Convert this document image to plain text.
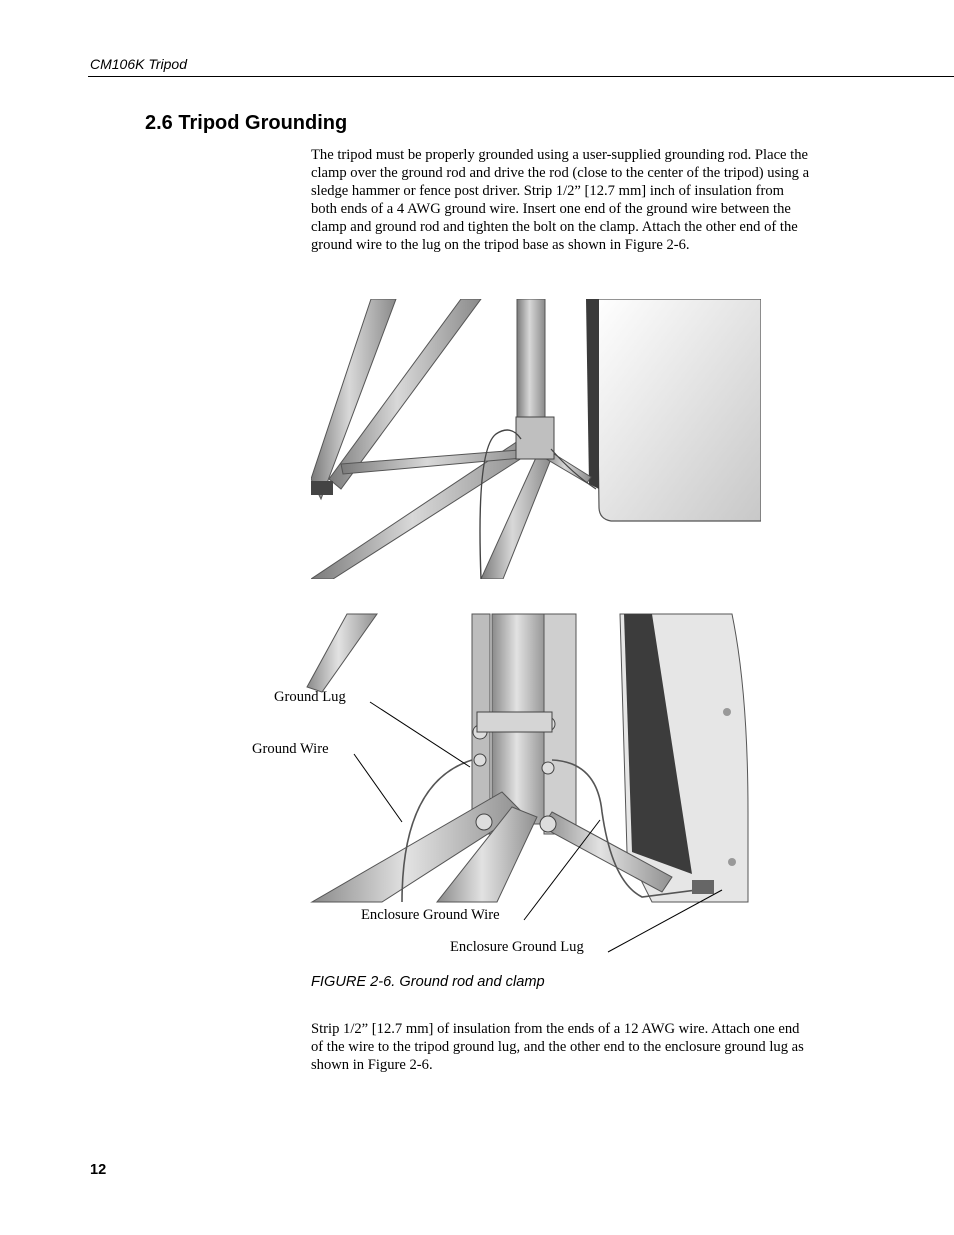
CM106K Tripod
2.6 Tripod Grounding

The tripod must be properly grounded using a user-supplied grounding rod. Place the clamp over the ground rod and drive the rod (close to the center of the tripod) using a sledge hammer or fence post driver. Strip 1/2” [12.7 mm] inch of insulation from both ends of a 4 AWG ground wire. Insert one end of the ground wire between the clamp and ground rod and tighten the bolt on the clamp. Attach the other end of the ground wire to the lug on the tripod base as shown in Figure 2-6.

Ground Lug
Ground Wire
Enclosure Ground Wire
Enclosure Ground Lug
FIGURE 2-6. Ground rod and clamp

Strip 1/2” [12.7 mm] of insulation from the ends of a 12 AWG wire. Attach one end of the wire to the tripod ground lug, and the other end to the enclosure ground lug as shown in Figure 2-6.

12
